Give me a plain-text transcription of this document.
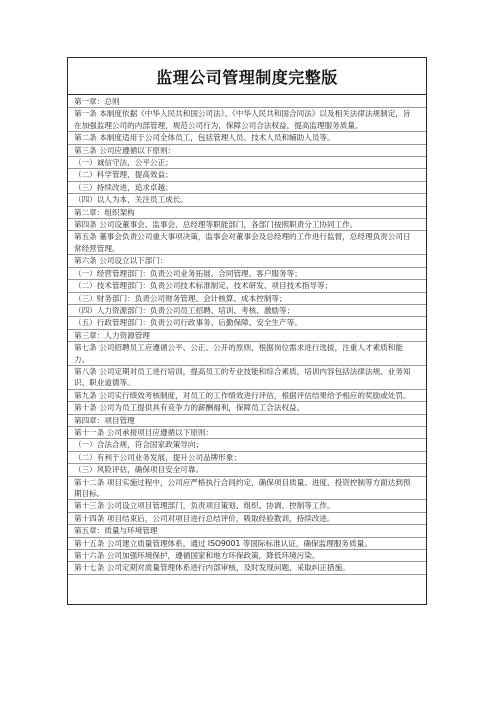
监理公司管理制度完整版
第一章：总则
第一条 本制度依据《中华人民共和国公司法》、《中华人民共和国合同法》以及相关法律法规制定，旨在加强监理公司的内部管理，规范公司行为，保障公司合法权益，提高监理服务质量。
第二条 本制度适用于公司全体员工，包括管理人员、技术人员和辅助人员等。
第三条 公司应遵循以下原则：
（一）诚信守法，公平公正；
（二）科学管理，提高效益；
（三）持续改进，追求卓越；
（四）以人为本，关注员工成长。
第二章：组织架构
第四条 公司设董事会、监事会、总经理等职能部门，各部门按照职责分工协同工作。
第五条 董事会负责公司重大事项决策，监事会对董事会及总经理的工作进行监督，总经理负责公司日常经营管理。
第六条 公司设立以下部门：
（一）经营管理部门：负责公司业务拓展、合同管理、客户服务等；
（二）技术管理部门：负责公司技术标准制定、技术研发、项目技术指导等；
（三）财务部门：负责公司财务管理、会计核算、成本控制等；
（四）人力资源部门：负责公司员工招聘、培训、考核、激励等；
（五）行政管理部门：负责公司行政事务、后勤保障、安全生产等。
第三章：人力资源管理
第七条 公司招聘员工应遵循公平、公正、公开的原则，根据岗位需求进行选拔，注重人才素质和能力。
第八条 公司定期对员工进行培训，提高员工的专业技能和综合素质，培训内容包括法律法规、业务知识、职业道德等。
第九条 公司实行绩效考核制度，对员工的工作绩效进行评估，根据评估结果给予相应的奖励或处罚。
第十条 公司为员工提供具有竞争力的薪酬福利，保障员工合法权益。
第四章：项目管理
第十一条 公司承接项目应遵循以下原则：
（一）合法合规，符合国家政策导向；
（二）有利于公司业务发展，提升公司品牌形象；
（三）风险评估，确保项目安全可靠。
第十二条 项目实施过程中，公司应严格执行合同约定，确保项目质量、进度、投资控制等方面达到预期目标。
第十三条 公司设立项目管理部门，负责项目策划、组织、协调、控制等工作。
第十四条 项目结束后，公司对项目进行总结评价，吸取经验教训，持续改进。
第五章：质量与环境管理
第十五条 公司建立质量管理体系，通过 ISO9001 等国际标准认证，确保监理服务质量。
第十六条 公司加强环境保护，遵循国家和地方环保政策，降低环境污染。
第十七条 公司定期对质量管理体系进行内部审核，及时发现问题，采取纠正措施。
